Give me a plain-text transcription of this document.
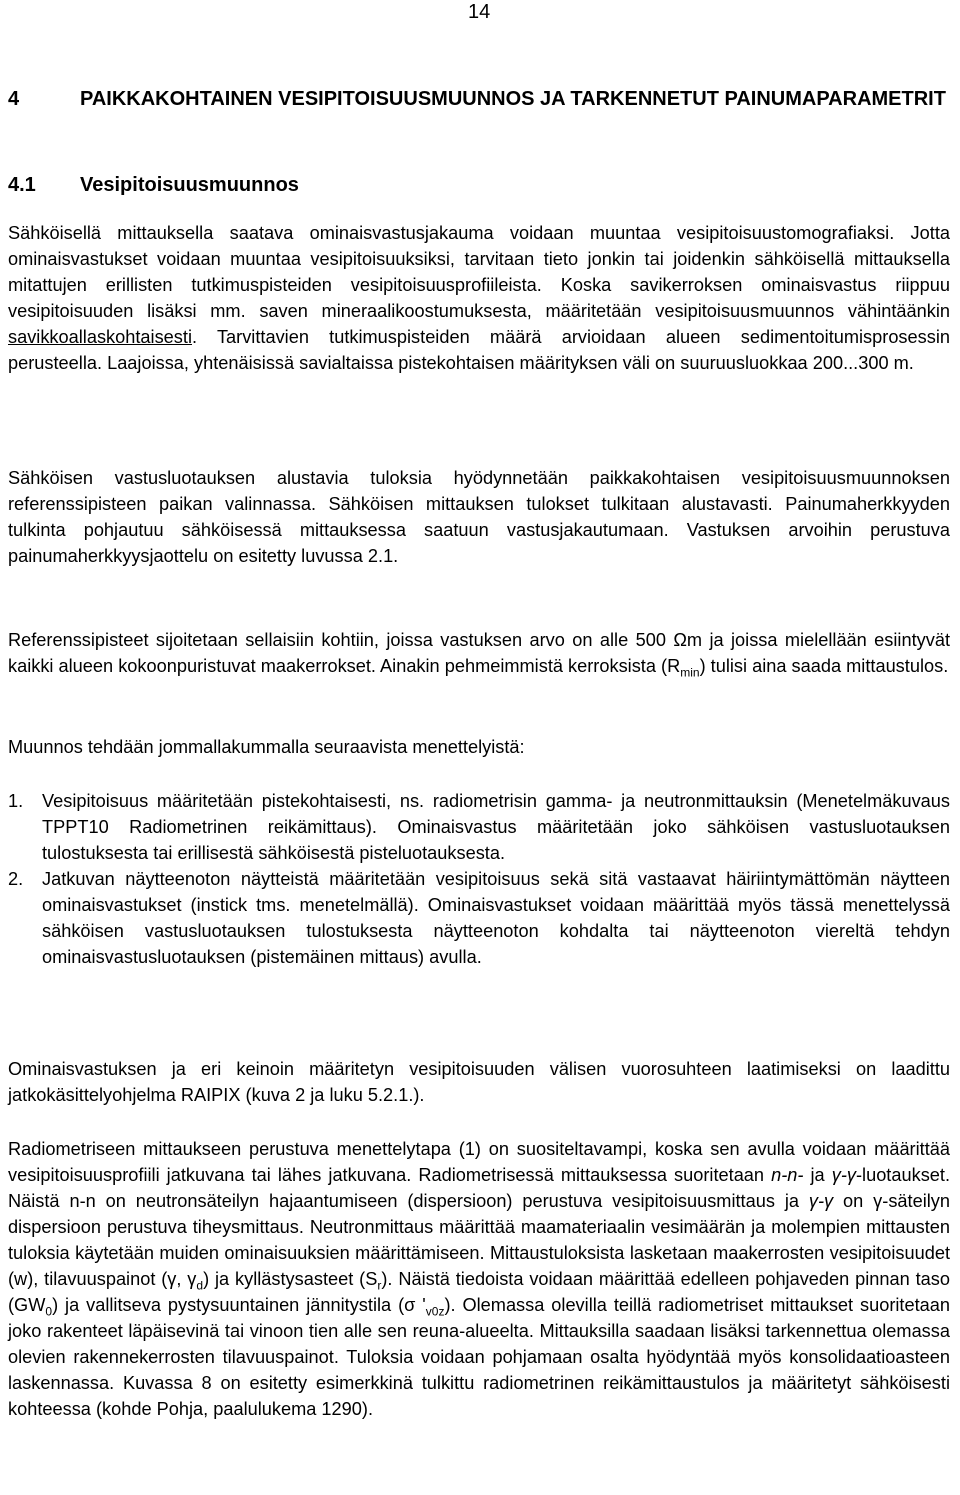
14
4	PAIKKAKOHTAINEN VESIPITOISUUSMUUNNOS JA TARKENNETUT PAINUMAPARAMETRIT
4.1 Vesipitoisuusmuunnos

Sähköisellä mittauksella saatava ominaisvastusjakauma voidaan muuntaa vesipitoisuustomografiaksi. Jotta ominaisvastukset voidaan muuntaa vesipitoisuuksiksi, tarvitaan tieto jonkin tai joidenkin sähköisellä mittauksella mitattujen erillisten tutkimuspisteiden vesipitoisuusprofiileista. Koska savikerroksen ominaisvastus riippuu vesipitoisuuden lisäksi mm. saven mineraalikoostumuksesta, määritetään vesipitoisuusmuunnos vähintäänkin savikkoallaskohtaisesti. Tarvittavien tutkimuspisteiden määrä arvioidaan alueen sedimentoitumisprosessin perusteella. Laajoissa, yhtenäisissä savialtaissa pistekohtaisen määrityksen väli on suuruusluokkaa 200...300 m.

Sähköisen vastusluotauksen alustavia tuloksia hyödynnetään paikkakohtaisen vesipitoisuusmuunnoksen referenssipisteen paikan valinnassa. Sähköisen mittauksen tulokset tulkitaan alustavasti. Painumaherkkyyden tulkinta pohjautuu sähköisessä mittauksessa saatuun vastusjakautumaan. Vastuksen arvoihin perustuva painumaherkkyysjaottelu on esitetty luvussa 2.1.

Referenssipisteet sijoitetaan sellaisiin kohtiin, joissa vastuksen arvo on alle 500 Ωm ja joissa mielellään esiintyvät kaikki alueen kokoonpuristuvat maakerrokset. Ainakin pehmeimmistä kerroksista $(R_{min})$ tulisi aina saada mittaustulos.

Muunnos tehdään jommallakummalla seuraavista menettelyistä:

1. Vesipitoisuus määritetään pistekohtaisesti, ns. radiometrisin gamma- ja neutronmittauksin (Menetelmäkuvaus TPPT10 Radiometrinen reikämittaus). Ominaisvastus määritetään joko sähköisen vastusluotauksen tulostuksesta tai erillisestä sähköisestä pisteluotauksesta.
2. Jatkuvan näytteenoton näytteistä määritetään vesipitoisuus sekä sitä vastaavat häiriintymättömän näytteen ominaisvastukset (instick tms. menetelmällä). Ominaisvastukset voidaan määrittää myös tässä menettelyssä sähköisen vastusluotauksen tulostuksesta näytteenoton kohdalta tai näytteenoton viereltä tehdyn ominaisvastusluotauksen (pistemäinen mittaus) avulla.

Ominaisvastuksen ja eri keinoin määritetyn vesipitoisuuden välisen vuorosuhteen laatimiseksi on laadittu jatkokäsittelyohjelma RAIPIX (kuva 2 ja luku 5.2.1.).

Radiometriseen mittaukseen perustuva menettelytapa (1) on suositeltavampi, koska sen avulla voidaan määrittää vesipitoisuusprofiili jatkuvana tai lähes jatkuvana. Radiometrisessä mittauksessa suoritetaan n-n- ja γ-γ-luotaukset. Näistä n-n on neutronsäteilyn hajaantumiseen (dispersioon) perustuva vesipitoisuusmittaus ja γ-γ on γ-säteilyn dispersioon perustuva tiheysmittaus. Neutronmittaus määrittää maamateriaalin vesimäärän ja molempien mittausten tuloksia käytetään muiden ominaisuuksien määrittämiseen. Mittaustuloksista lasketaan maakerrosten vesipitoisuudet (w), tilavuuspainot (γ, $\gamma_d$) ja kyllästysasteet $(S_r)$. Näistä tiedoista voidaan määrittää edelleen pohjaveden pinnan taso $(GW_0)$ ja vallitseva pystysuuntainen jännitystila (σ '$_{v0z}$). Olemassa olevilla teillä radiometriset mittaukset suoritetaan joko rakenteet läpäisevinä tai vinoon tien alle sen reuna-alueelta. Mittauksilla saadaan lisäksi tarkennettua olemassa olevien rakennekerrosten tilavuuspainot. Tuloksia voidaan pohjamaan osalta hyödyntää myös konsolidaatioasteen laskennassa. Kuvassa 8 on esitetty esimerkkinä tulkittu radiometrinen reikämittaustulos ja määritetyt sähköisesti kohteessa (kohde Pohja, paalulukema 1290).
